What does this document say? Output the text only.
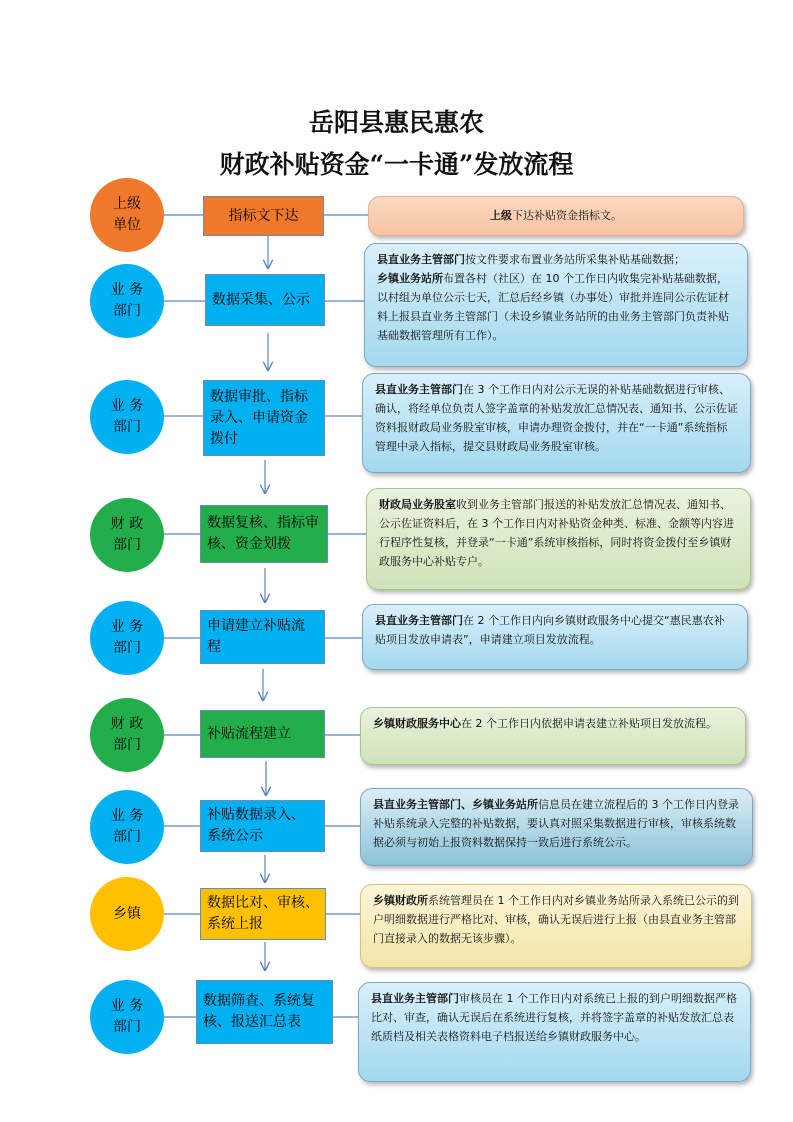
岳阳县惠民惠农
财政补贴资金“一卡通”发放流程
上级
单位
指标文下达	上级下达补贴资金指标文。
业 务
部门
数据采集、公示
县直业务主管部门按文件要求布置业务站所采集补贴基础数据；
乡镇业务站所布置各村（社区）在 10 个工作日内收集完补贴基础数据，以村组为单位公示七天，汇总后经乡镇（办事处）审批并连同公示佐证材料上报县直业务主管部门（未设乡镇业务站所的由业务主管部门负责补贴基础数据管理所有工作）。
业 务
部门
数据审批、指标录入、申请资金拨付
县直业务主管部门在 3 个工作日内对公示无误的补贴基础数据进行审核、确认，将经单位负责人签字盖章的补贴发放汇总情况表、通知书、公示佐证资料报财政局业务股室审核，申请办理资金拨付，并在“一卡通”系统指标管理中录入指标，提交县财政局业务股室审核。
财 政
部门
数据复核、指标审核、资金划拨
财政局业务股室收到业务主管部门报送的补贴发放汇总情况表、通知书、公示佐证资料后，在 3 个工作日内对补贴资金种类、标准、金额等内容进行程序性复核，并登录“一卡通”系统审核指标，同时将资金拨付至乡镇财政服务中心补贴专户。
业 务
部门
申请建立补贴流程
县直业务主管部门在 2 个工作日内向乡镇财政服务中心提交“惠民惠农补贴项目发放申请表”，申请建立项目发放流程。
财 政
部门
补贴流程建立
乡镇财政服务中心在 2 个工作日内依据申请表建立补贴项目发放流程。
业 务
部门
补贴数据录入、系统公示
县直业务主管部门、乡镇业务站所信息员在建立流程后的 3 个工作日内登录补贴系统录入完整的补贴数据，要认真对照采集数据进行审核，审核系统数据必须与初始上报资料数据保持一致后进行系统公示。
乡镇
数据比对、审核、系统上报
乡镇财政所系统管理员在 1 个工作日内对乡镇业务站所录入系统已公示的到户明细数据进行严格比对、审核，确认无误后进行上报（由县直业务主管部门直接录入的数据无该步骤）。
业 务
部门
数据筛查、系统复核、报送汇总表
县直业务主管部门审核员在 1 个工作日内对系统已上报的到户明细数据严格比对、审查，确认无误后在系统进行复核，并将签字盖章的补贴发放汇总表纸质档及相关表格资料电子档报送给乡镇财政服务中心。
